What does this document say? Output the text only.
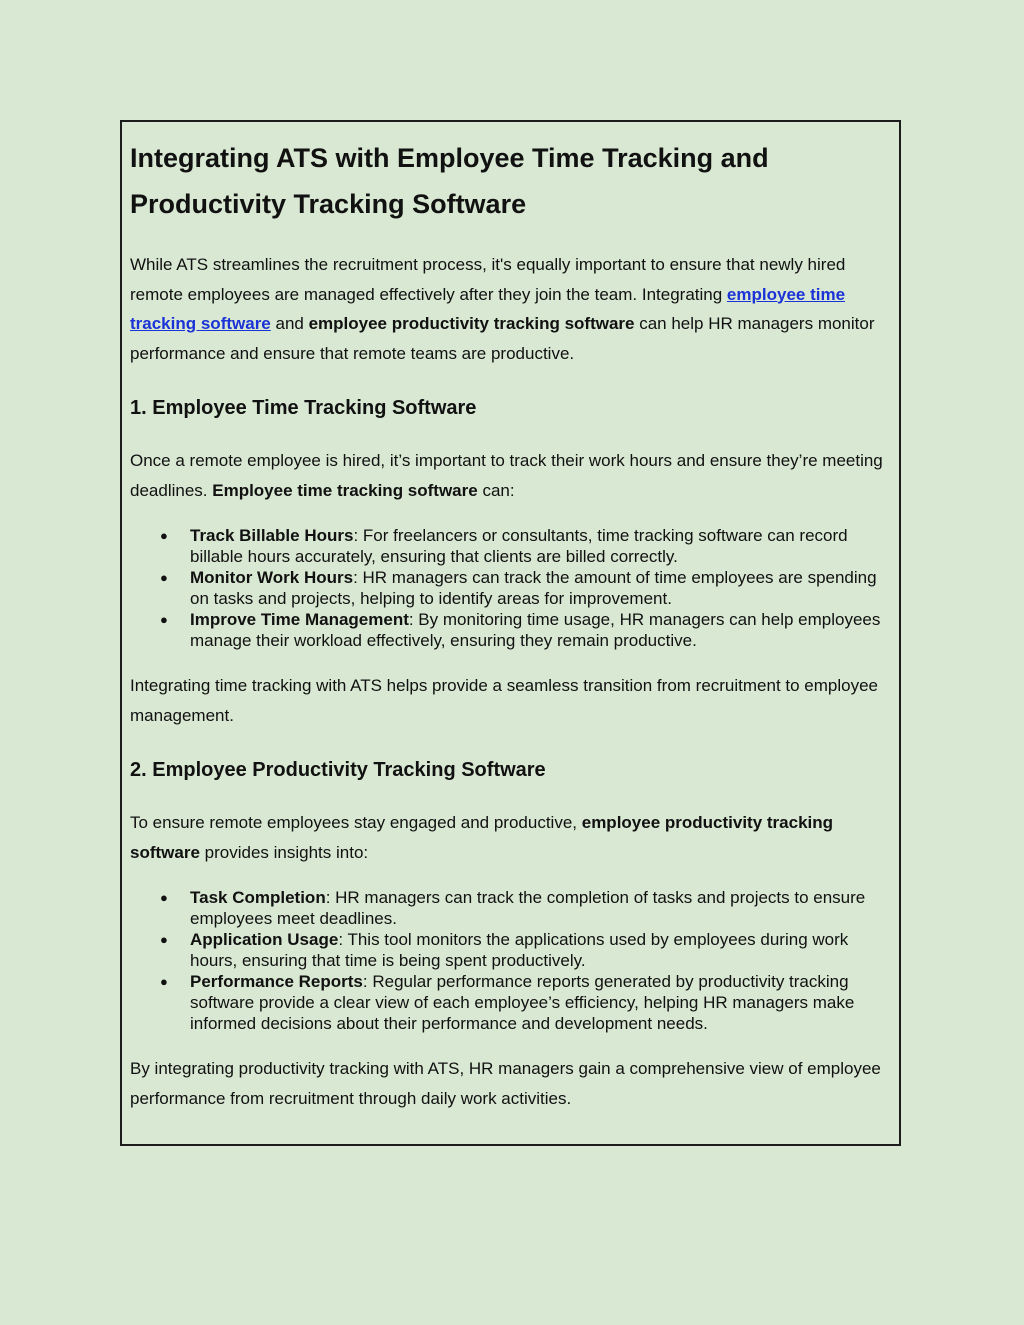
Integrating ATS with Employee Time Tracking and Productivity Tracking Software

While ATS streamlines the recruitment process, it's equally important to ensure that newly hired remote employees are managed effectively after they join the team. Integrating employee time tracking software and employee productivity tracking software can help HR managers monitor performance and ensure that remote teams are productive.

1. Employee Time Tracking Software

Once a remote employee is hired, it’s important to track their work hours and ensure they’re meeting deadlines. Employee time tracking software can:

● Track Billable Hours: For freelancers or consultants, time tracking software can record billable hours accurately, ensuring that clients are billed correctly.
● Monitor Work Hours: HR managers can track the amount of time employees are spending on tasks and projects, helping to identify areas for improvement.
● Improve Time Management: By monitoring time usage, HR managers can help employees manage their workload effectively, ensuring they remain productive.

Integrating time tracking with ATS helps provide a seamless transition from recruitment to employee management.

2. Employee Productivity Tracking Software

To ensure remote employees stay engaged and productive, employee productivity tracking software provides insights into:

● Task Completion: HR managers can track the completion of tasks and projects to ensure employees meet deadlines.
● Application Usage: This tool monitors the applications used by employees during work hours, ensuring that time is being spent productively.
● Performance Reports: Regular performance reports generated by productivity tracking software provide a clear view of each employee’s efficiency, helping HR managers make informed decisions about their performance and development needs.

By integrating productivity tracking with ATS, HR managers gain a comprehensive view of employee performance from recruitment through daily work activities.
